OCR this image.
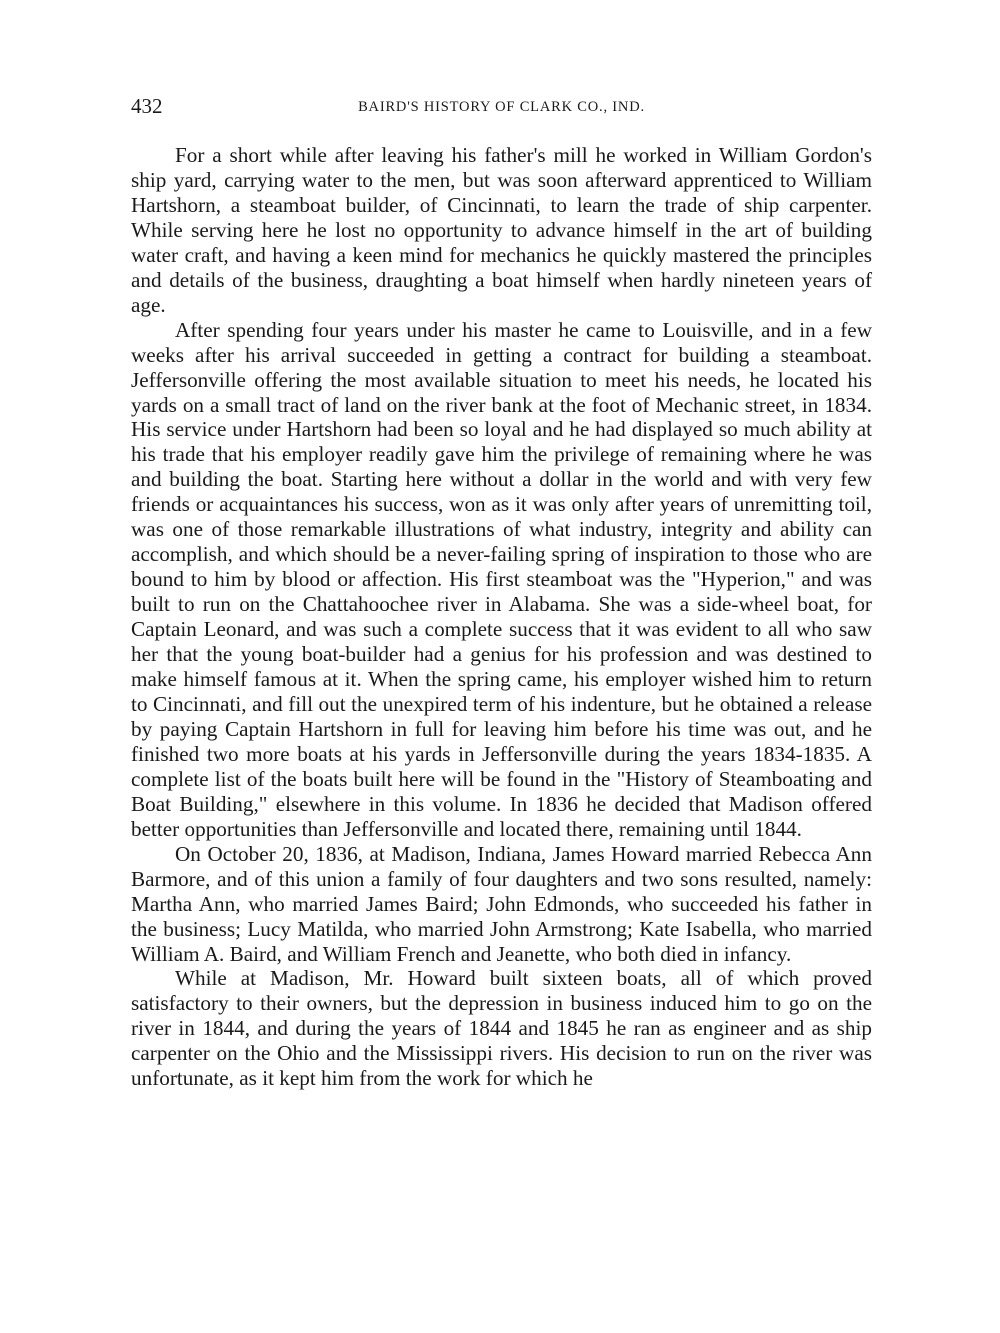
432	BAIRD'S HISTORY OF CLARK CO., IND.

For a short while after leaving his father's mill he worked in William Gordon's ship yard, carrying water to the men, but was soon afterward apprenticed to William Hartshorn, a steamboat builder, of Cincinnati, to learn the trade of ship carpenter. While serving here he lost no opportunity to advance himself in the art of building water craft, and having a keen mind for mechanics he quickly mastered the principles and details of the business, draughting a boat himself when hardly nineteen years of age.

After spending four years under his master he came to Louisville, and in a few weeks after his arrival succeeded in getting a contract for building a steamboat. Jeffersonville offering the most available situation to meet his needs, he located his yards on a small tract of land on the river bank at the foot of Mechanic street, in 1834. His service under Hartshorn had been so loyal and he had displayed so much ability at his trade that his employer readily gave him the privilege of remaining where he was and building the boat. Starting here without a dollar in the world and with very few friends or acquaintances his success, won as it was only after years of unremitting toil, was one of those remarkable illustrations of what industry, integrity and ability can accomplish, and which should be a never-failing spring of inspiration to those who are bound to him by blood or affection. His first steamboat was the "Hyperion," and was built to run on the Chattahoochee river in Alabama. She was a side-wheel boat, for Captain Leonard, and was such a complete success that it was evident to all who saw her that the young boat-builder had a genius for his profession and was destined to make himself famous at it. When the spring came, his employer wished him to return to Cincinnati, and fill out the unexpired term of his indenture, but he obtained a release by paying Captain Hartshorn in full for leaving him before his time was out, and he finished two more boats at his yards in Jeffersonville during the years 1834-1835. A complete list of the boats built here will be found in the "History of Steamboating and Boat Building," elsewhere in this volume. In 1836 he decided that Madison offered better opportunities than Jeffersonville and located there, remaining until 1844.

On October 20, 1836, at Madison, Indiana, James Howard married Rebecca Ann Barmore, and of this union a family of four daughters and two sons resulted, namely: Martha Ann, who married James Baird; John Edmonds, who succeeded his father in the business; Lucy Matilda, who married John Armstrong; Kate Isabella, who married William A. Baird, and William French and Jeanette, who both died in infancy.

While at Madison, Mr. Howard built sixteen boats, all of which proved satisfactory to their owners, but the depression in business induced him to go on the river in 1844, and during the years of 1844 and 1845 he ran as engineer and as ship carpenter on the Ohio and the Mississippi rivers. His decision to run on the river was unfortunate, as it kept him from the work for which he
